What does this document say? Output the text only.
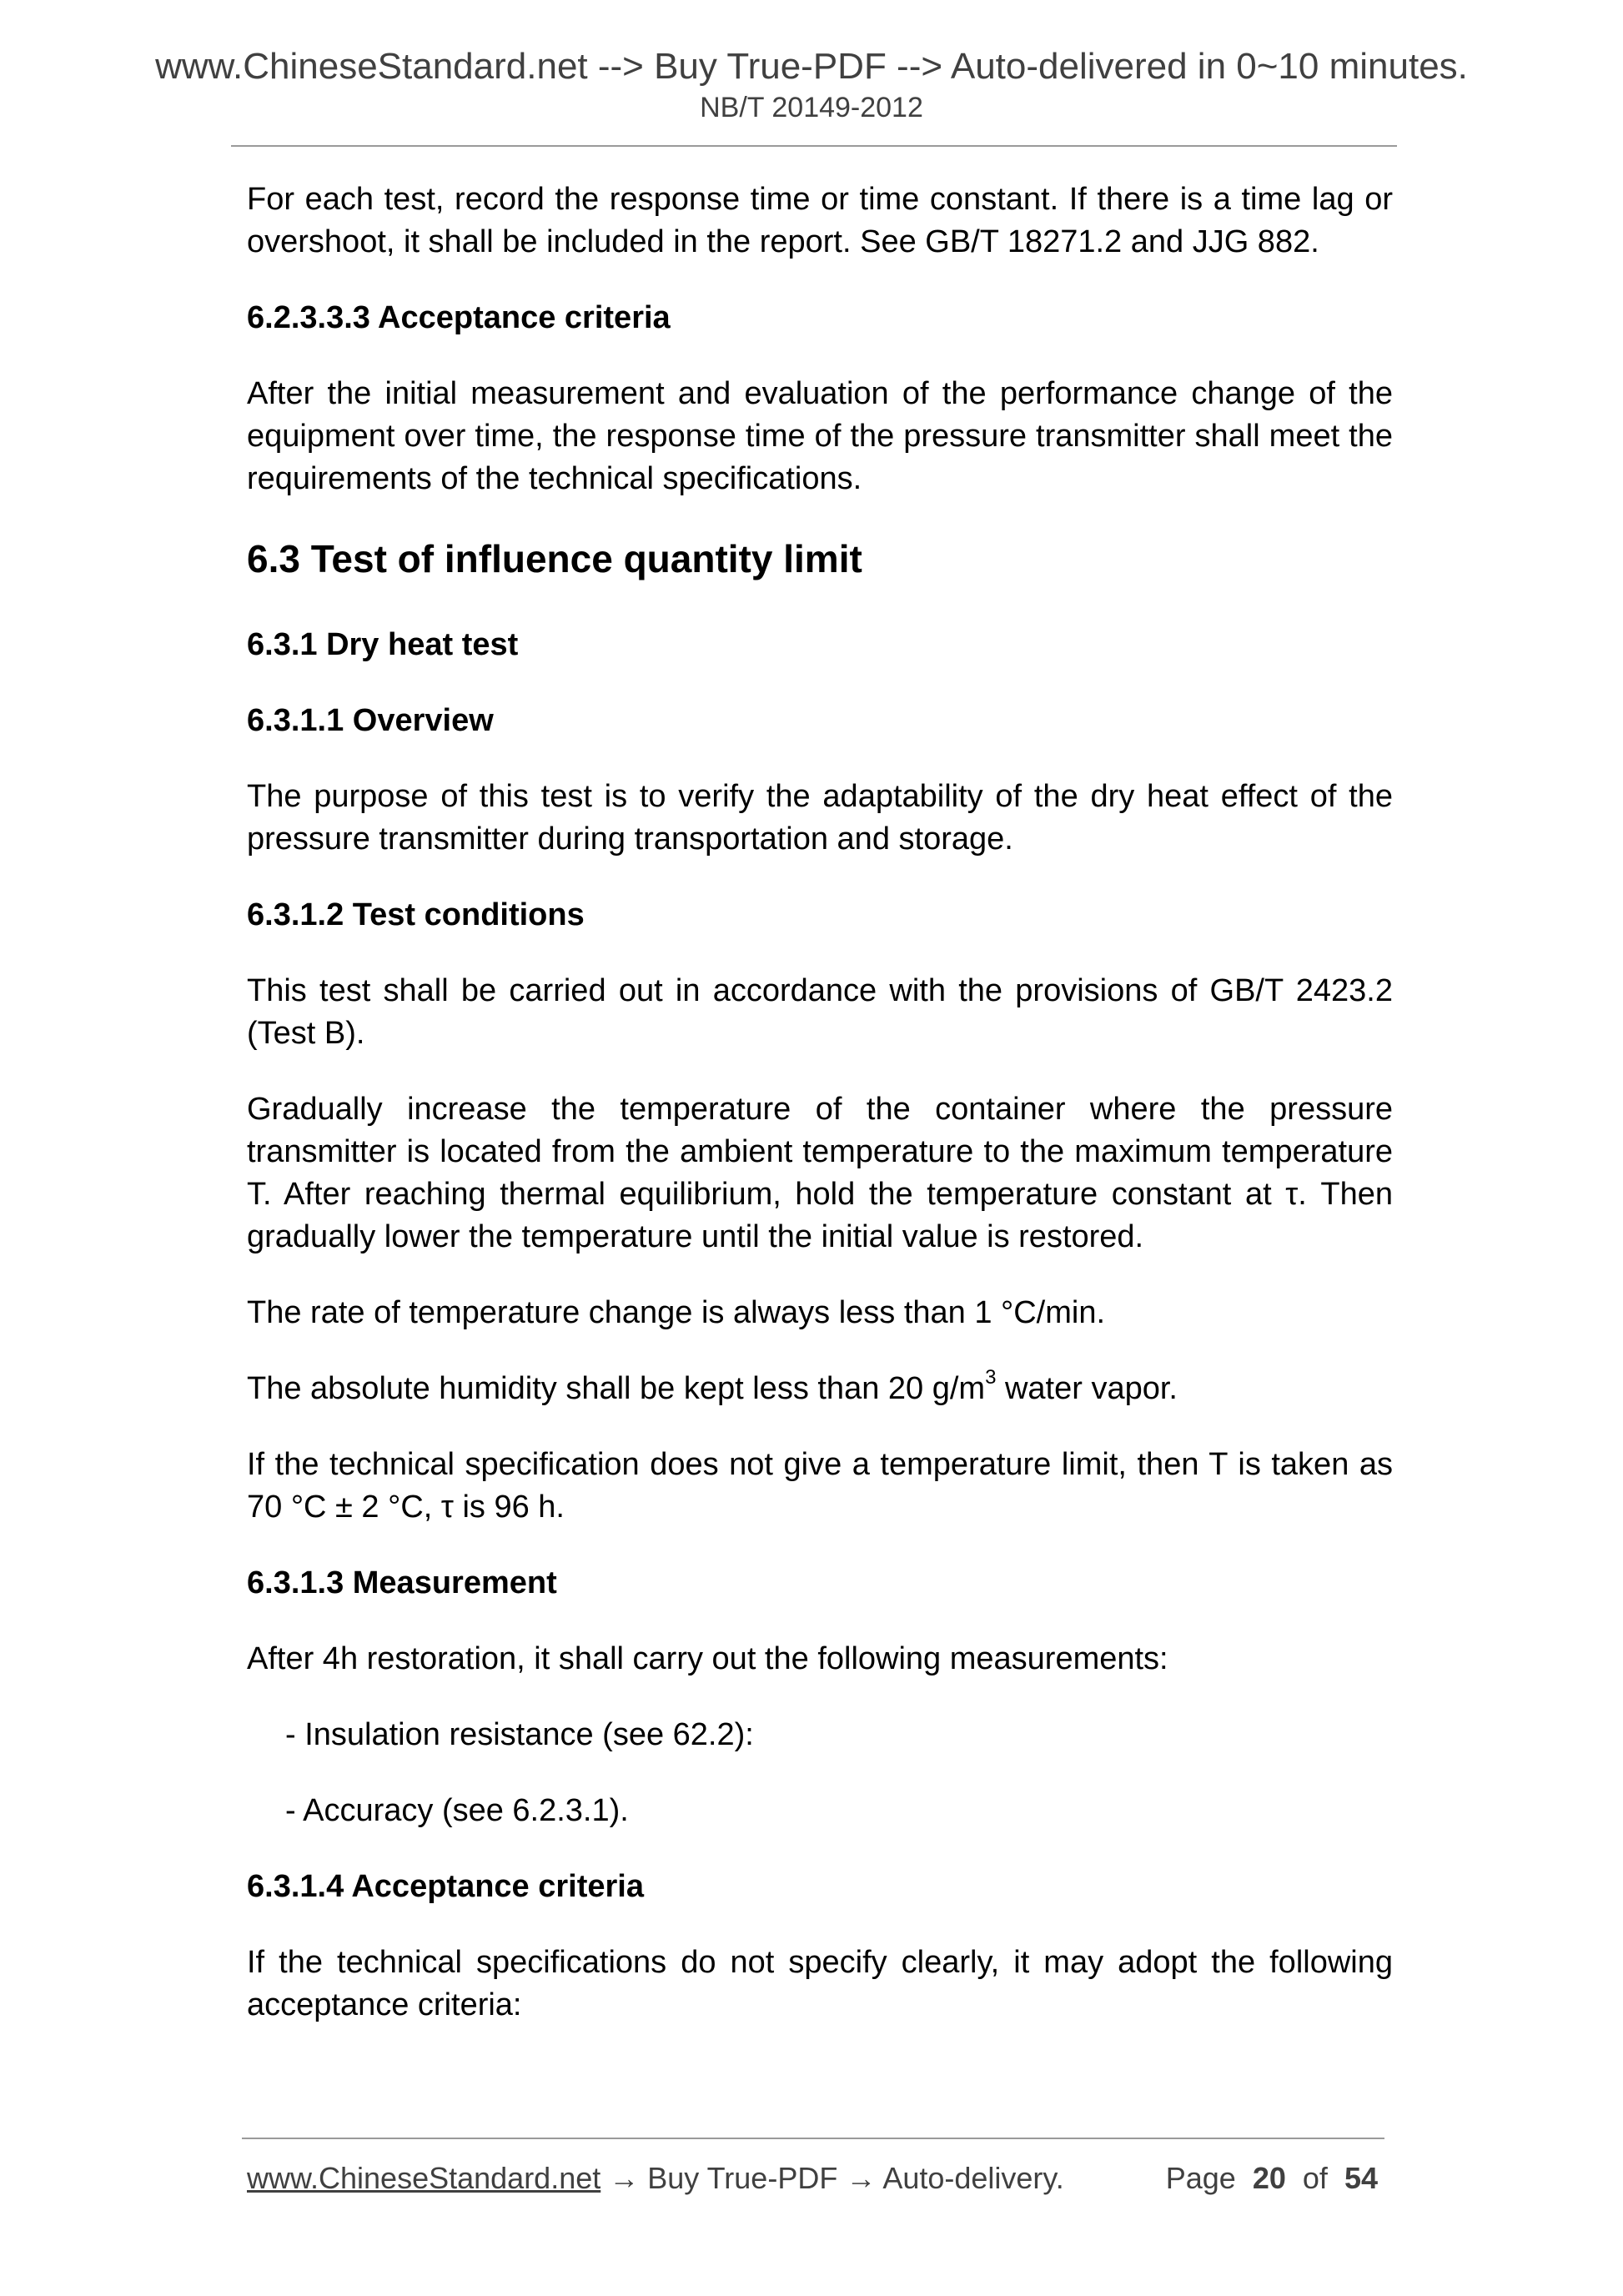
www.ChineseStandard.net --> Buy True-PDF --> Auto-delivered in 0~10 minutes.
NB/T 20149-2012

For each test, record the response time or time constant. If there is a time lag or overshoot, it shall be included in the report. See GB/T 18271.2 and JJG 882.

6.2.3.3.3 Acceptance criteria

After the initial measurement and evaluation of the performance change of the equipment over time, the response time of the pressure transmitter shall meet the requirements of the technical specifications.

6.3 Test of influence quantity limit
6.3.1 Dry heat test
6.3.1.1 Overview

The purpose of this test is to verify the adaptability of the dry heat effect of the pressure transmitter during transportation and storage.

6.3.1.2 Test conditions

This test shall be carried out in accordance with the provisions of GB/T 2423.2 (Test B).

Gradually increase the temperature of the container where the pressure transmitter is located from the ambient temperature to the maximum temperature T. After reaching thermal equilibrium, hold the temperature constant at τ. Then gradually lower the temperature until the initial value is restored.

The rate of temperature change is always less than 1 °C/min.

The absolute humidity shall be kept less than 20 $g/m^3$ water vapor.

If the technical specification does not give a temperature limit, then T is taken as 70 °C ± 2 °C, τ is 96 h.

6.3.1.3 Measurement

After 4h restoration, it shall carry out the following measurements:

- Insulation resistance (see 62.2):
- Accuracy (see 6.2.3.1).
6.3.1.4 Acceptance criteria

If the technical specifications do not specify clearly, it may adopt the following acceptance criteria:

www.ChineseStandard.net → Buy True-PDF → Auto-delivery.	Page 20 of 54
